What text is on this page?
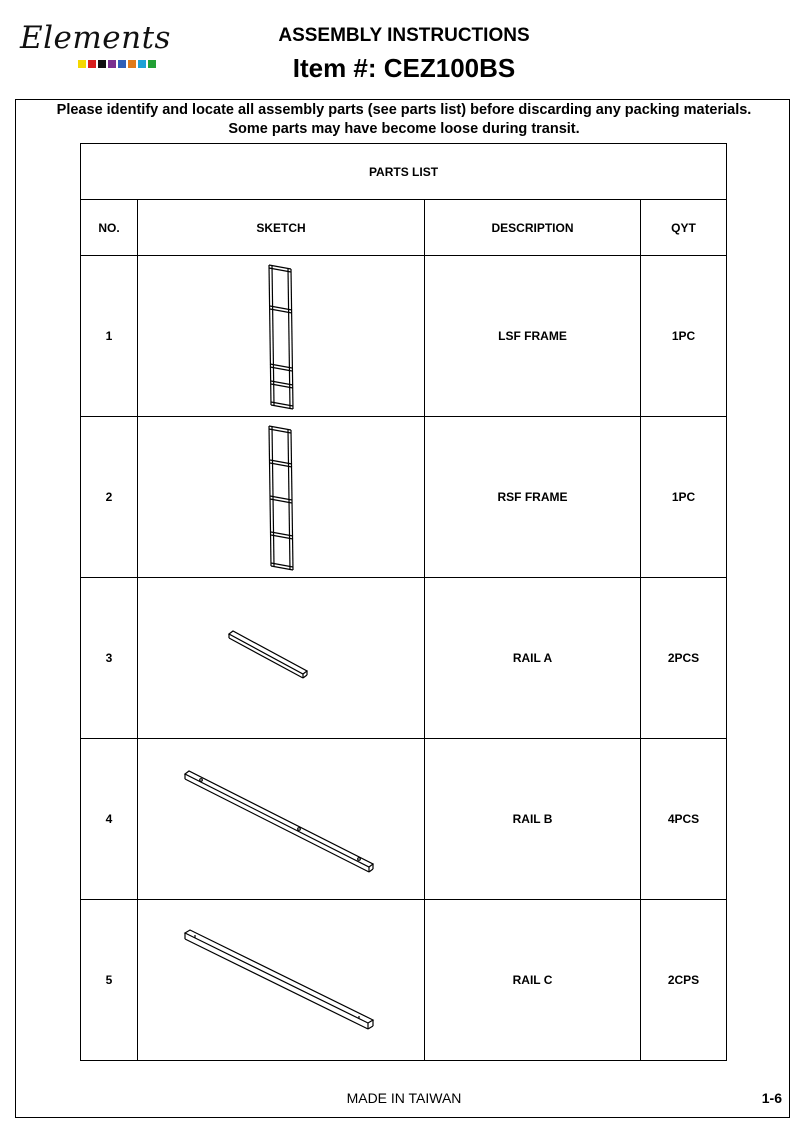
Elements	ASSEMBLY INSTRUCTIONS
Item #: CEZ100BS
Please identify and locate all assembly parts (see parts list) before discarding any packing materials.
Some parts may have become loose during transit.
PARTS LIST			
NO.	SKETCH	DESCRIPTION	QYT
1		LSF FRAME	1PC
2		RSF FRAME	1PC
3		RAIL A	2PCS
4		RAIL B	4PCS
5		RAIL C	2CPS
MADE IN TAIWAN	1-6
